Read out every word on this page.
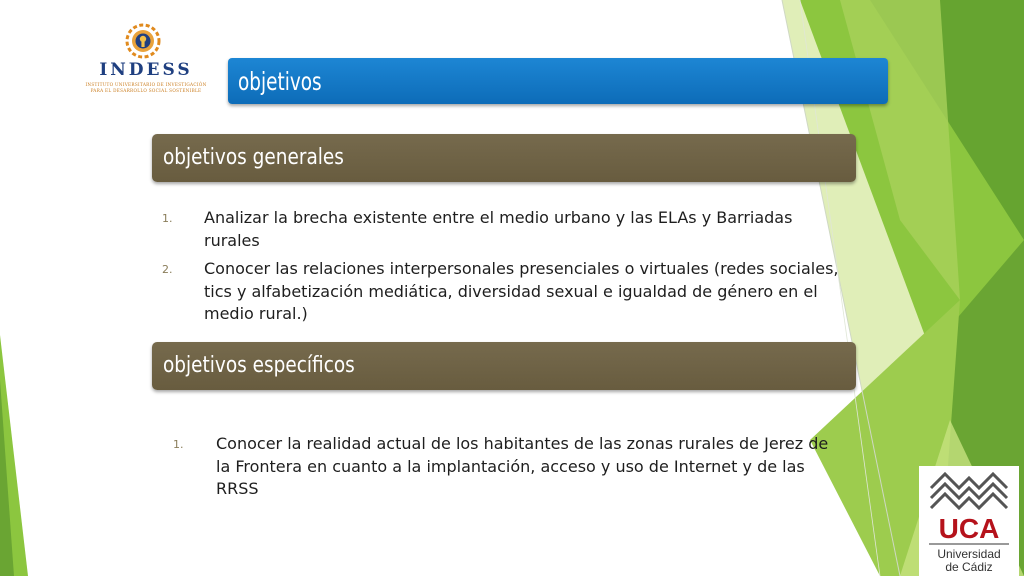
INDESS
INSTITUTO UNIVERSITARIO DE INVESTIGACIÓN
PARA EL DESARROLLO SOCIAL SOSTENIBLE objetivos
objetivos generales
1. Analizar la brecha existente entre el medio urbano y las ELAs y Barriadas rurales
2. Conocer las relaciones interpersonales presenciales o virtuales (redes sociales, tics y alfabetización mediática, diversidad sexual e igualdad de género en el medio rural.)
objetivos específicos
1. Conocer la realidad actual de los habitantes de las zonas rurales de Jerez de la Frontera en cuanto a la implantación, acceso y uso de Internet y de las RRSS
UCA
Universidad
de Cádiz
